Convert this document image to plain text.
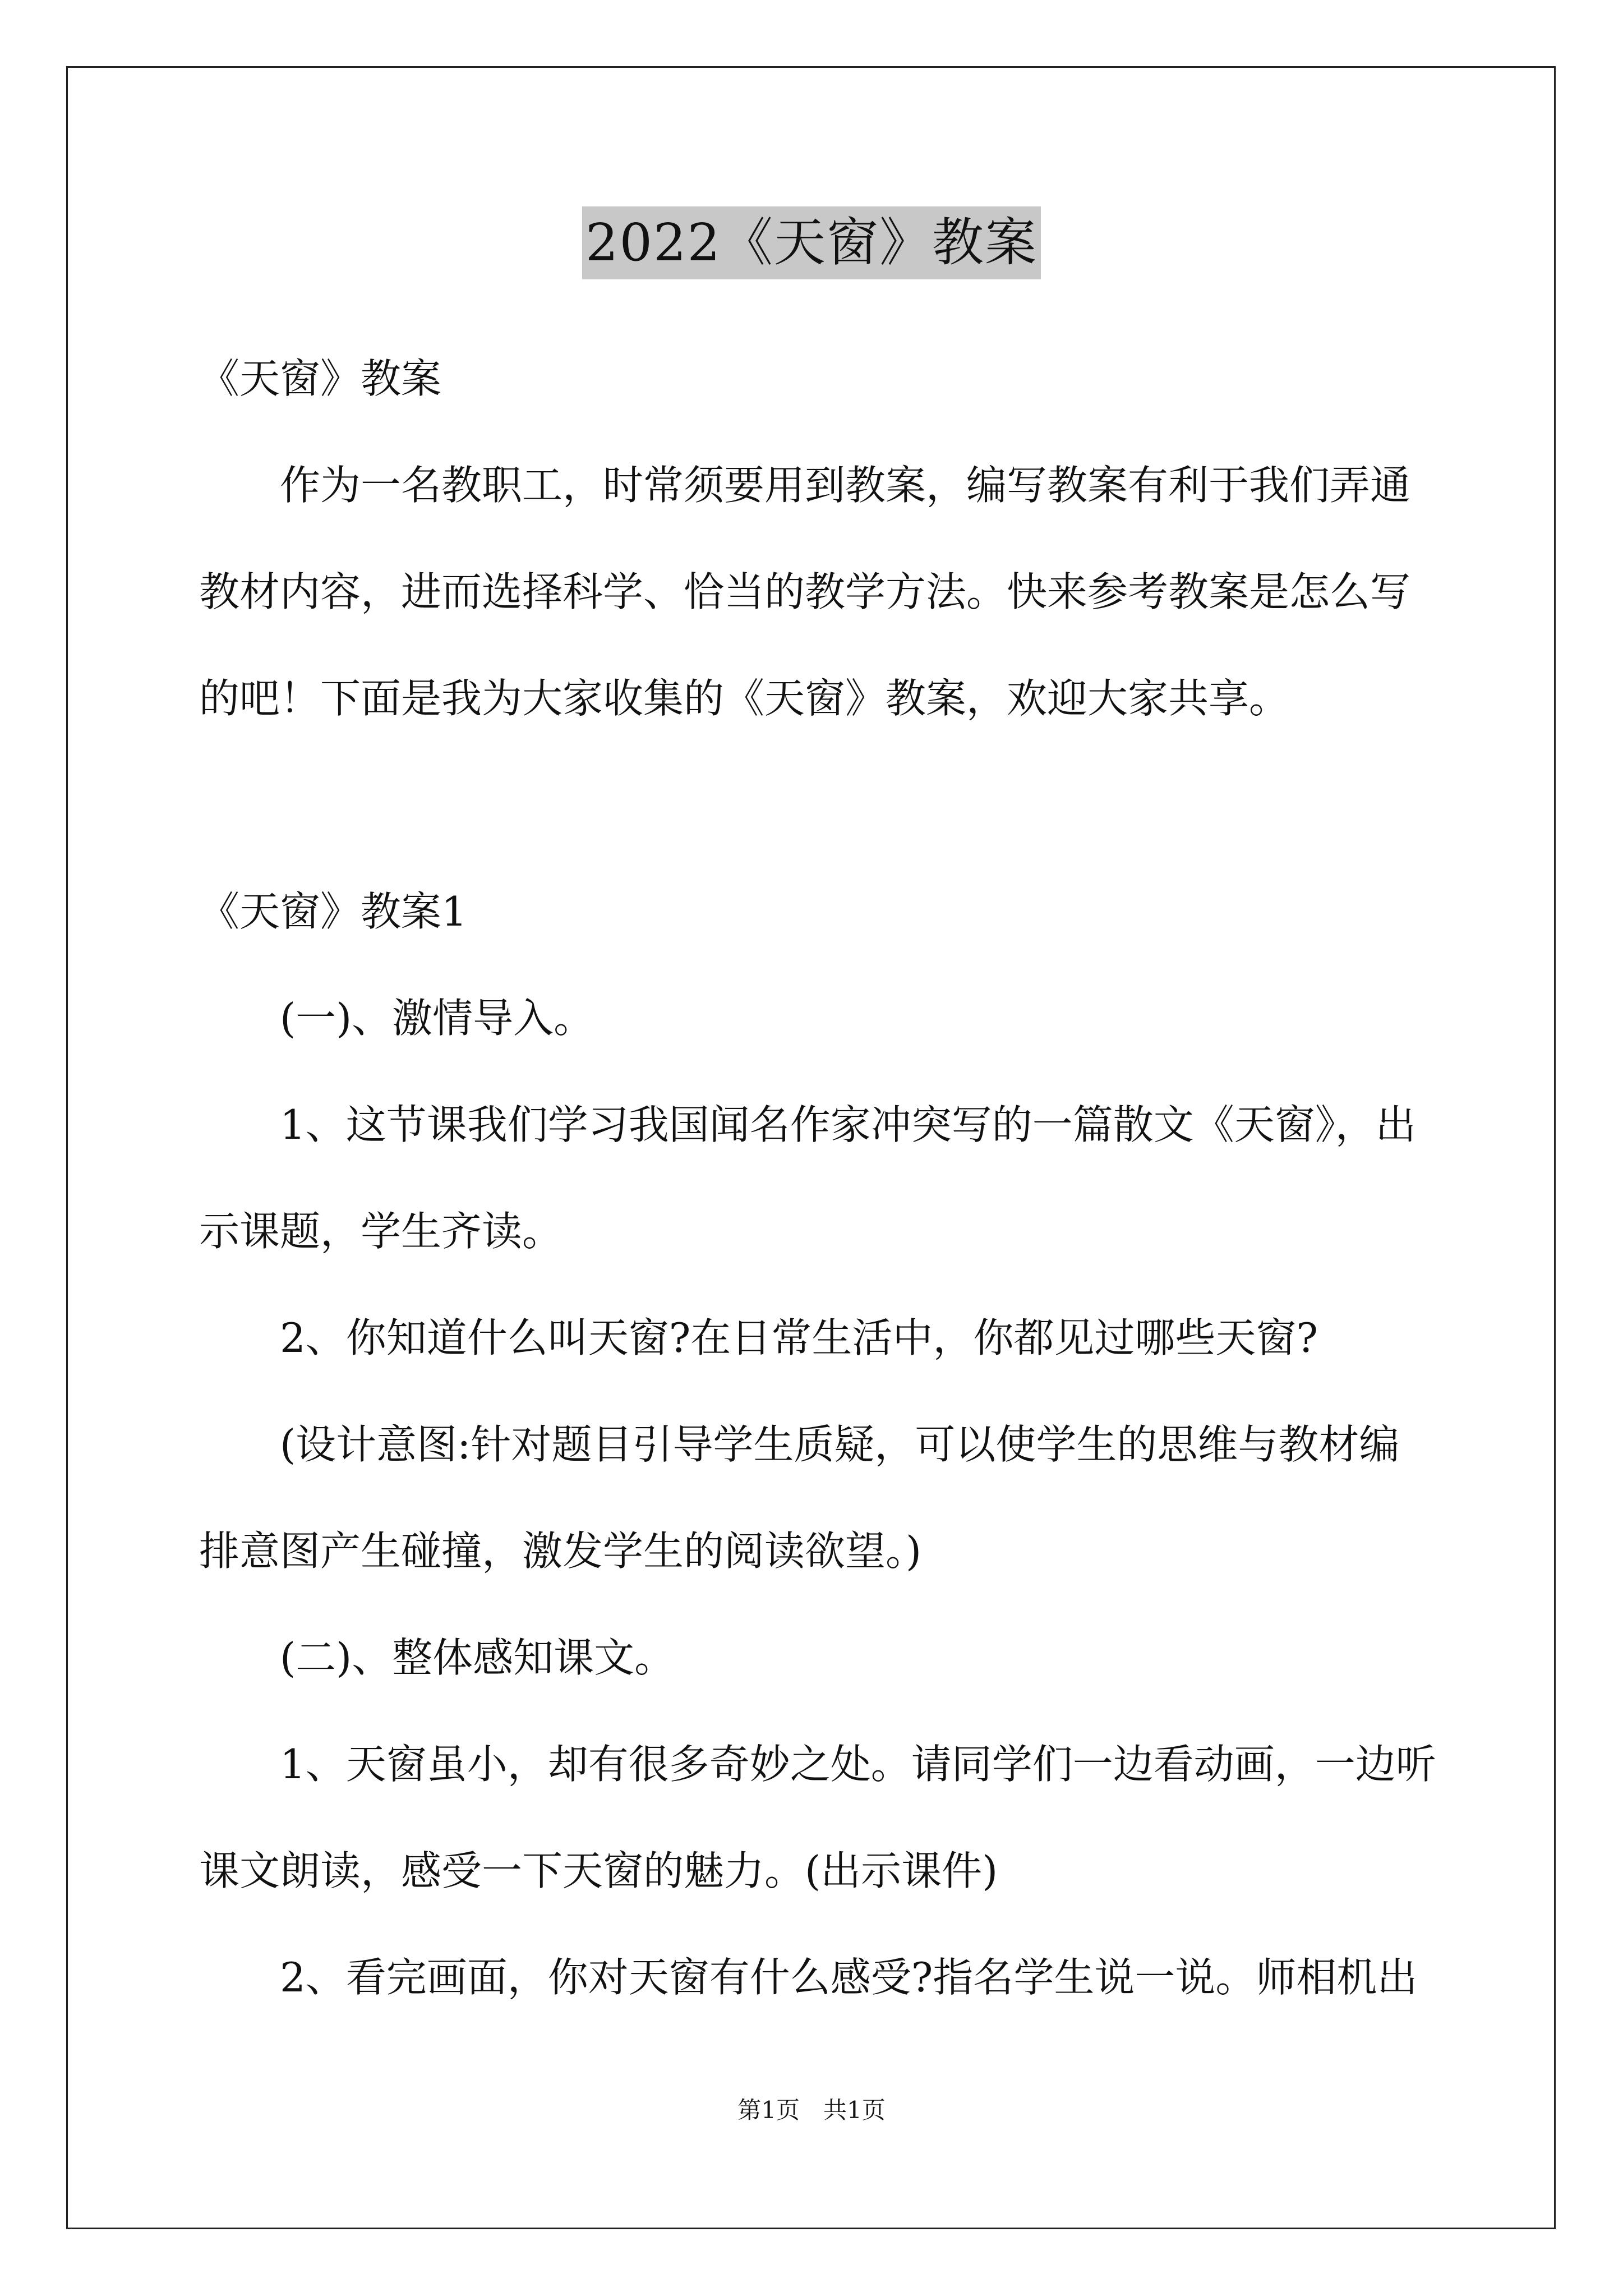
2022《天窗》教案
《天窗》教案
作为一名教职工，时常须要用到教案，编写教案有利于我们弄通
教材内容，进而选择科学、恰当的教学方法。快来参考教案是怎么写
的吧！下面是我为大家收集的《天窗》教案，欢迎大家共享。
《天窗》教案1
(一)、激情导入。
1、这节课我们学习我国闻名作家冲突写的一篇散文《天窗》，出
示课题，学生齐读。
2、你知道什么叫天窗?在日常生活中，你都见过哪些天窗?
(设计意图:针对题目引导学生质疑，可以使学生的思维与教材编
排意图产生碰撞，激发学生的阅读欲望。)
(二)、整体感知课文。
1、天窗虽小，却有很多奇妙之处。请同学们一边看动画，一边听
课文朗读，感受一下天窗的魅力。(出示课件)
2、看完画面，你对天窗有什么感受?指名学生说一说。师相机出
第1页　共1页
